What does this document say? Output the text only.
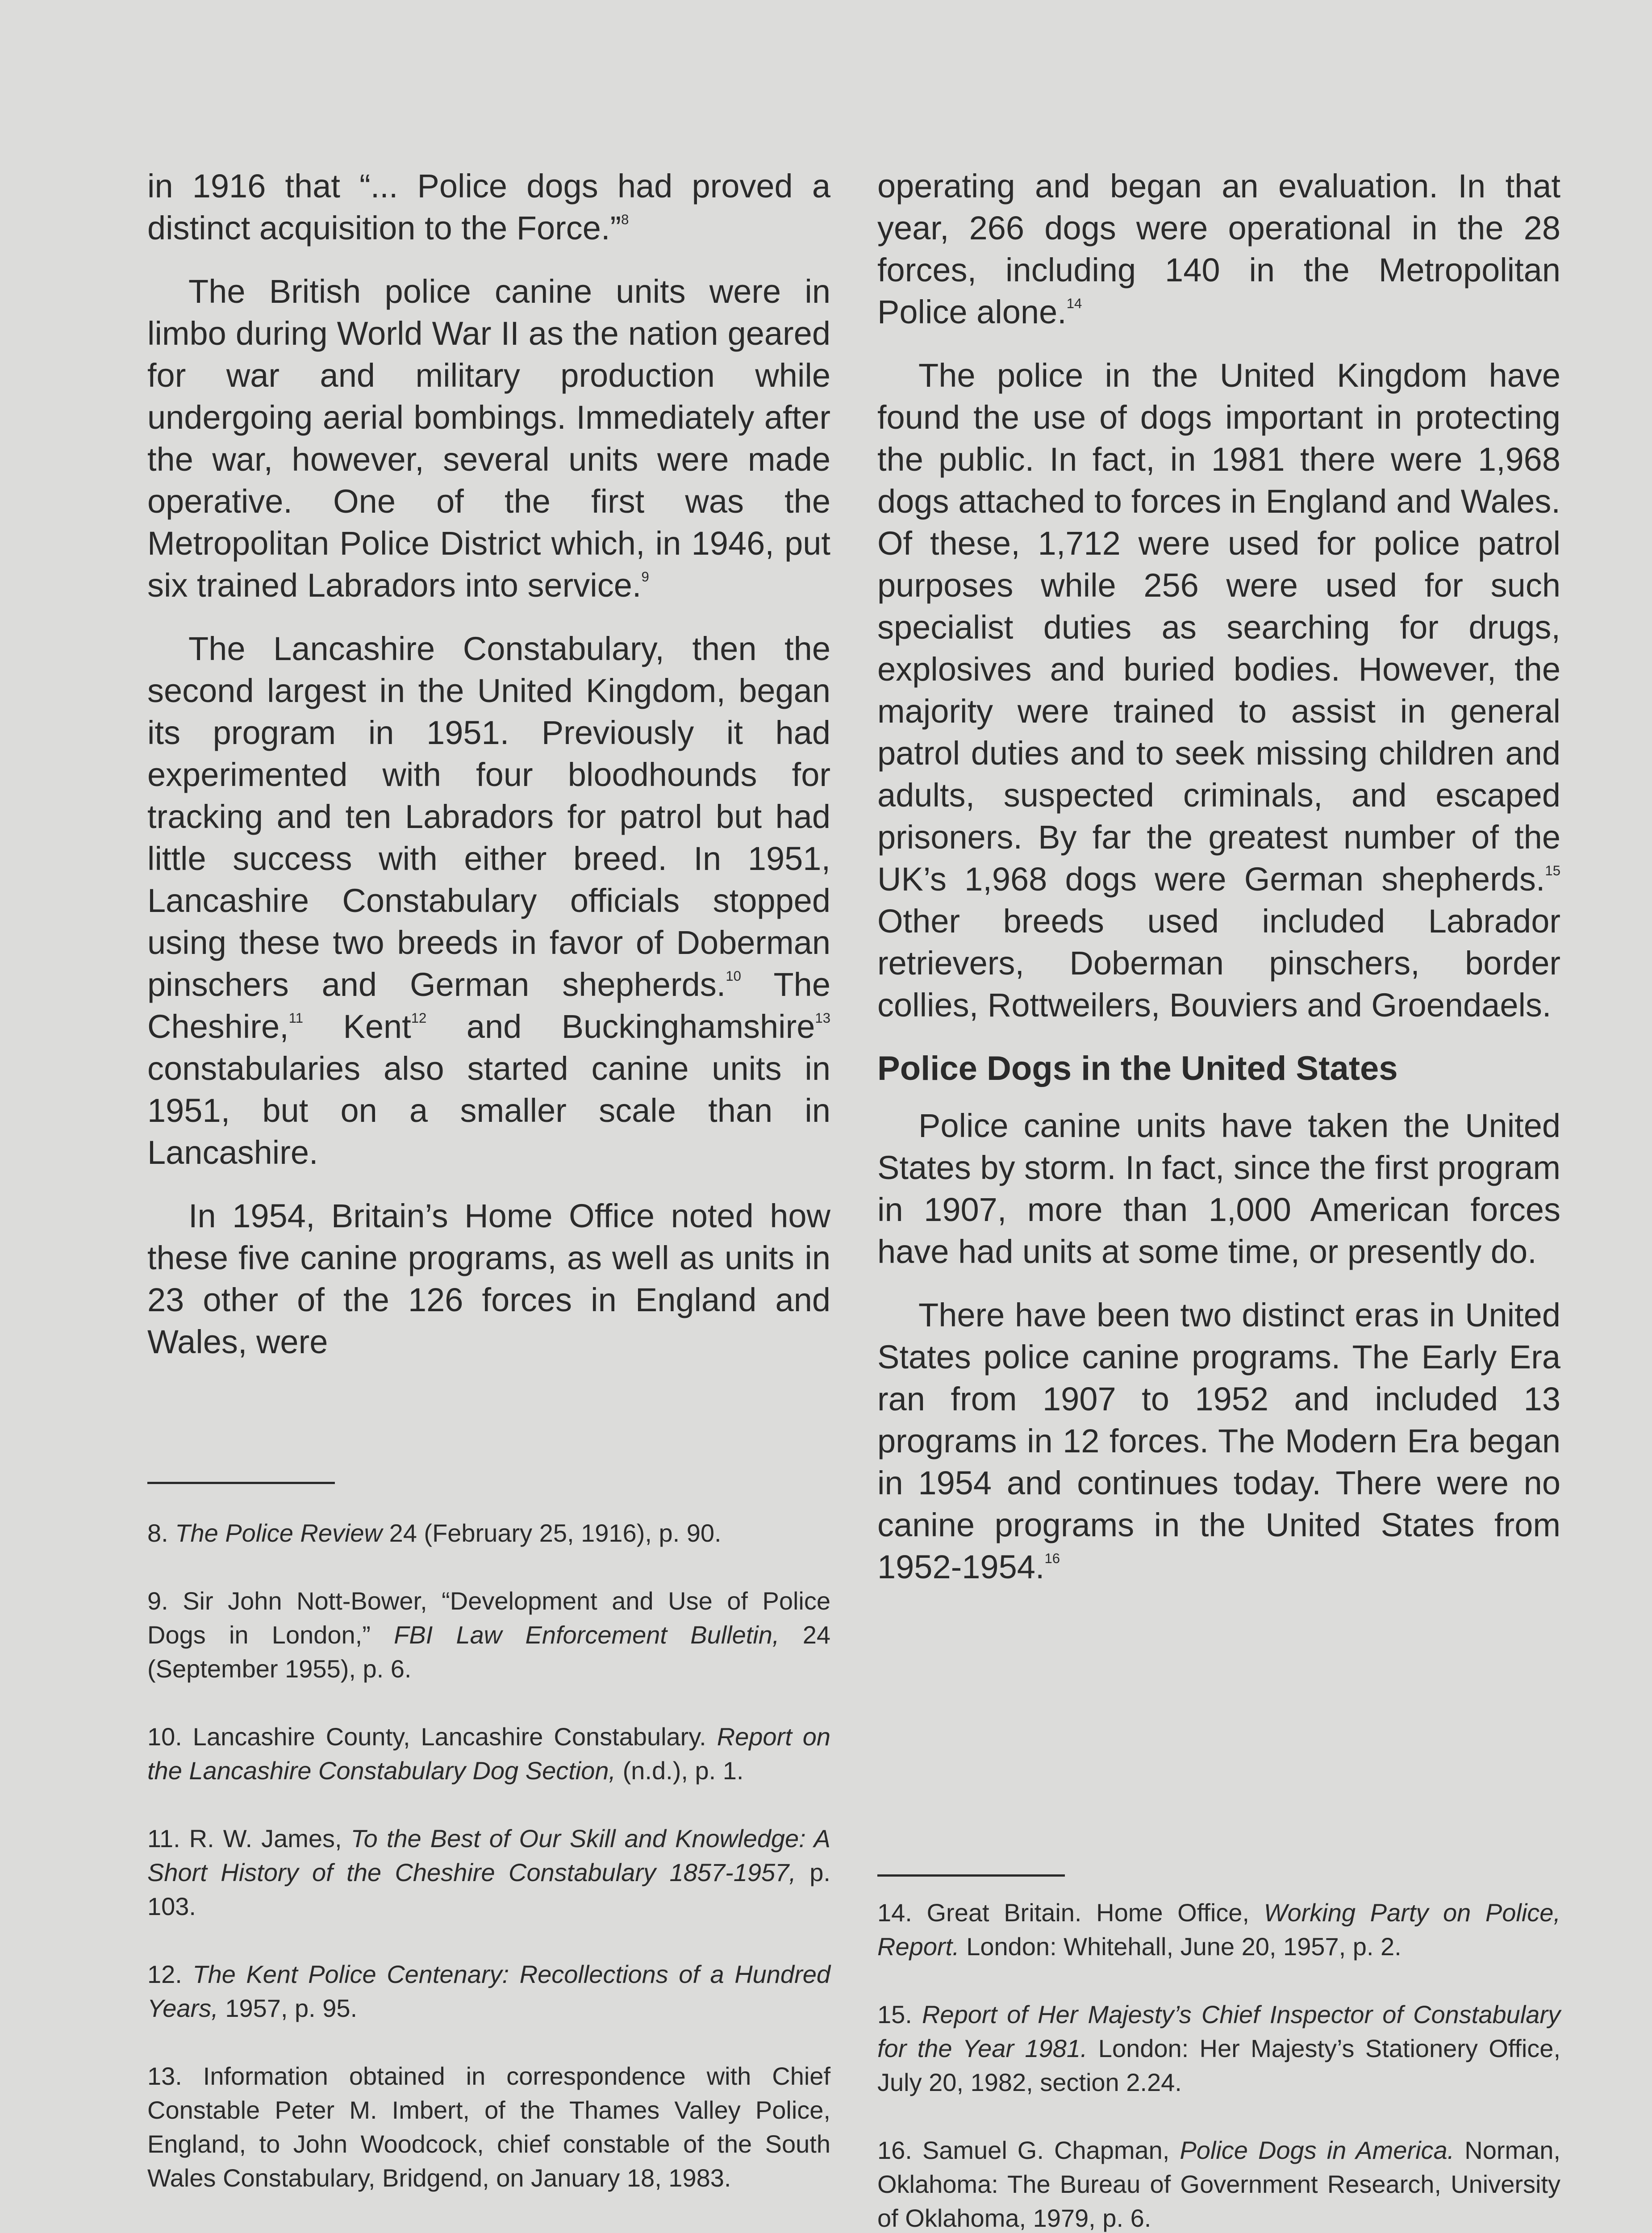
in 1916 that “... Police dogs had proved a distinct acquisition to the Force.”$^8$

The British police canine units were in limbo during World War II as the nation geared for war and military production while undergoing aerial bombings. Immediately after the war, however, several units were made operative. One of the first was the Metropolitan Police District which, in 1946, put six trained Labradors into service.$^9$

The Lancashire Constabulary, then the second largest in the United Kingdom, began its program in 1951. Previously it had experimented with four bloodhounds for tracking and ten Labradors for patrol but had little success with either breed. In 1951, Lancashire Constabulary officials stopped using these two breeds in favor of Doberman pinschers and German shepherds.$^{10}$ The Cheshire,$^{11}$ Kent$^{12}$ and Buckinghamshire$^{13}$ constabularies also started canine units in 1951, but on a smaller scale than in Lancashire.

In 1954, Britain’s Home Office noted how these five canine programs, as well as units in 23 other of the 126 forces in England and Wales, were

operating and began an evaluation. In that year, 266 dogs were operational in the 28 forces, including 140 in the Metropolitan Police alone.$^{14}$

The police in the United Kingdom have found the use of dogs important in protecting the public. In fact, in 1981 there were 1,968 dogs attached to forces in England and Wales. Of these, 1,712 were used for police patrol purposes while 256 were used for such specialist duties as searching for drugs, explosives and buried bodies. However, the majority were trained to assist in general patrol duties and to seek missing children and adults, suspected criminals, and escaped prisoners. By far the greatest number of the UK’s 1,968 dogs were German shepherds.$^{15}$ Other breeds used included Labrador retrievers, Doberman pinschers, border collies, Rottweilers, Bouviers and Groendaels.

Police Dogs in the United States

Police canine units have taken the United States by storm. In fact, since the first program in 1907, more than 1,000 American forces have had units at some time, or presently do.

There have been two distinct eras in United States police canine programs. The Early Era ran from 1907 to 1952 and included 13 programs in 12 forces. The Modern Era began in 1954 and continues today. There were no canine programs in the United States from 1952-1954.16

8. The Police Review 24 (February 25, 1916), p. 90.
9. Sir John Nott-Bower, “Development and Use of Police Dogs in London,” FBI Law Enforcement Bulletin, 24 (September 1955), p. 6.
10. Lancashire County, Lancashire Constabulary. Report on the Lancashire Constabulary Dog Section, (n.d.), p. 1.
11. R. W. James, To the Best of Our Skill and Knowledge: A Short History of the Cheshire Constabulary 1857-1957, p. 103.
12. The Kent Police Centenary: Recollections of a Hundred Years, 1957, p. 95.
13. Information obtained in correspondence with Chief Constable Peter M. Imbert, of the Thames Valley Police, England, to John Woodcock, chief constable of the South Wales Constabulary, Bridgend, on January 18, 1983.
14. Great Britain. Home Office, Working Party on Police, Report. London: Whitehall, June 20, 1957, p. 2.
15. Report of Her Majesty’s Chief Inspector of Constabulary for the Year 1981. London: Her Majesty’s Stationery Office, July 20, 1982, section 2.24.
16. Samuel G. Chapman, Police Dogs in America. Norman, Oklahoma: The Bureau of Government Research, University of Oklahoma, 1979, p. 6.
